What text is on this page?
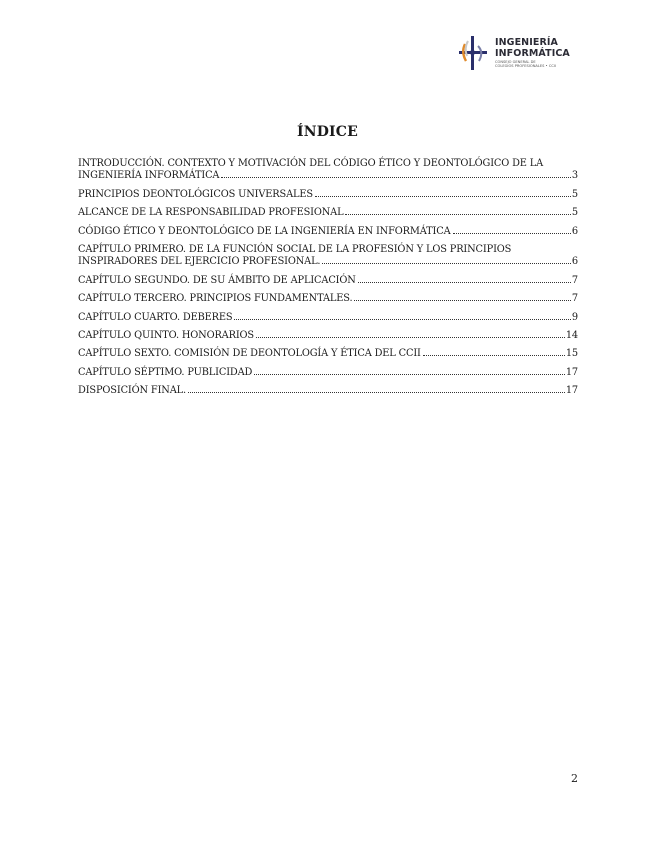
INGENIERÍA
INFORMÁTICA
CONSEJO GENERAL DE
COLEGIOS PROFESIONALES • CCII
ÍNDICE
INTRODUCCIÓN. CONTEXTO Y MOTIVACIÓN DEL CÓDIGO ÉTICO Y DEONTOLÓGICO DE LA
INGENIERÍA INFORMÁTICA	3
PRINCIPIOS DEONTOLÓGICOS UNIVERSALES	5
ALCANCE DE LA RESPONSABILIDAD PROFESIONAL	5
CÓDIGO ÉTICO Y DEONTOLÓGICO DE LA INGENIERÍA EN INFORMÁTICA	6
CAPÍTULO PRIMERO. DE LA FUNCIÓN SOCIAL DE LA PROFESIÓN Y LOS PRINCIPIOS
INSPIRADORES DEL EJERCICIO PROFESIONAL.	6
CAPÍTULO SEGUNDO. DE SU ÁMBITO DE APLICACIÓN	7
CAPÍTULO TERCERO. PRINCIPIOS FUNDAMENTALES.	7
CAPÍTULO CUARTO. DEBERES	9
CAPÍTULO QUINTO. HONORARIOS	14
CAPÍTULO SEXTO. COMISIÓN DE DEONTOLOGÍA Y ÉTICA DEL CCII	15
CAPÍTULO SÉPTIMO. PUBLICIDAD	17
DISPOSICIÓN FINAL.	17
2
